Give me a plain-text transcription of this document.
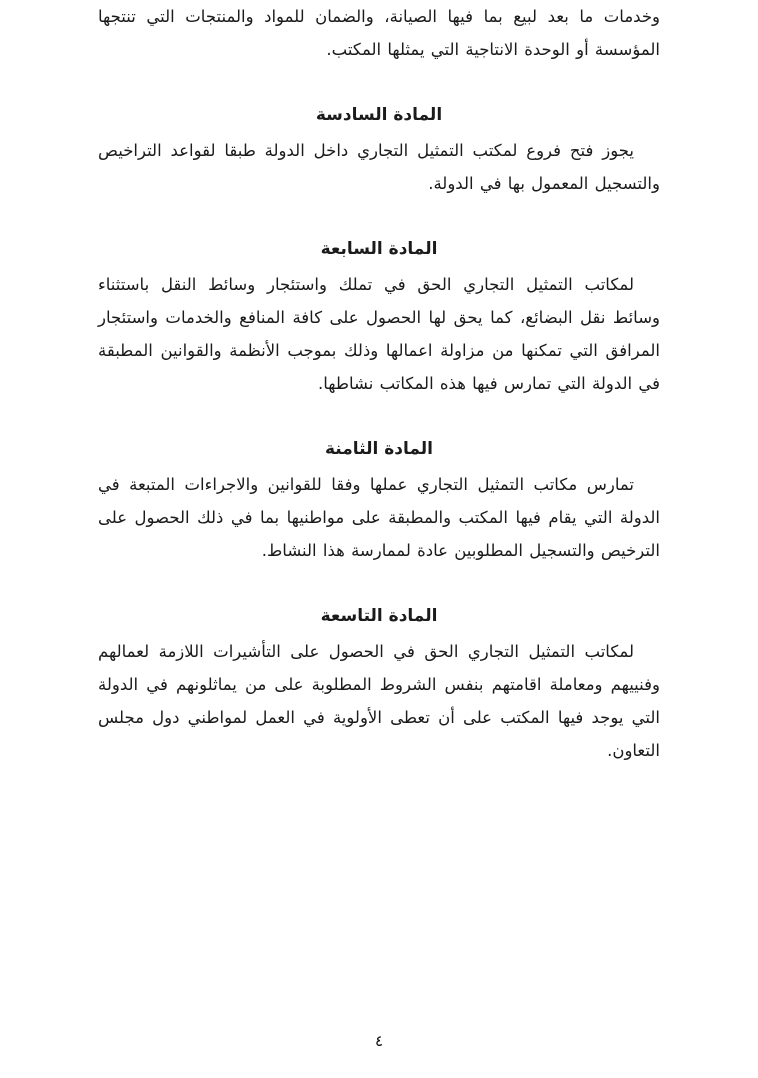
وخدمات ما بعد لبيع بما فيها الصيانة، والضمان للمواد والمنتجات التي تنتجها المؤسسة أو الوحدة الانتاجية التي يمثلها المكتب.

المادة السادسة

يجوز فتح فروع لمكتب التمثيل التجاري داخل الدولة طبقا لقواعد التراخيص والتسجيل المعمول بها في الدولة.

المادة السابعة

لمكاتب التمثيل التجاري الحق في تملك واستئجار وسائط النقل باستثناء وسائط نقل البضائع، كما يحق لها الحصول على كافة المنافع والخدمات واستئجار المرافق التي تمكنها من مزاولة اعمالها وذلك بموجب الأنظمة والقوانين المطبقة في الدولة التي تمارس فيها هذه المكاتب نشاطها.

المادة الثامنة

تمارس مكاتب التمثيل التجاري عملها وفقا للقوانين والاجراءات المتبعة في الدولة التي يقام فيها المكتب والمطبقة على مواطنيها بما في ذلك الحصول على الترخيص والتسجيل المطلوبين عادة لممارسة هذا النشاط.

المادة التاسعة

لمكاتب التمثيل التجاري الحق في الحصول على التأشيرات اللازمة لعمالهم وفنييهم ومعاملة اقامتهم بنفس الشروط المطلوبة على من يماثلونهم في الدولة التي يوجد فيها المكتب على أن تعطى الأولوية في العمل لمواطني دول مجلس التعاون.

٤
